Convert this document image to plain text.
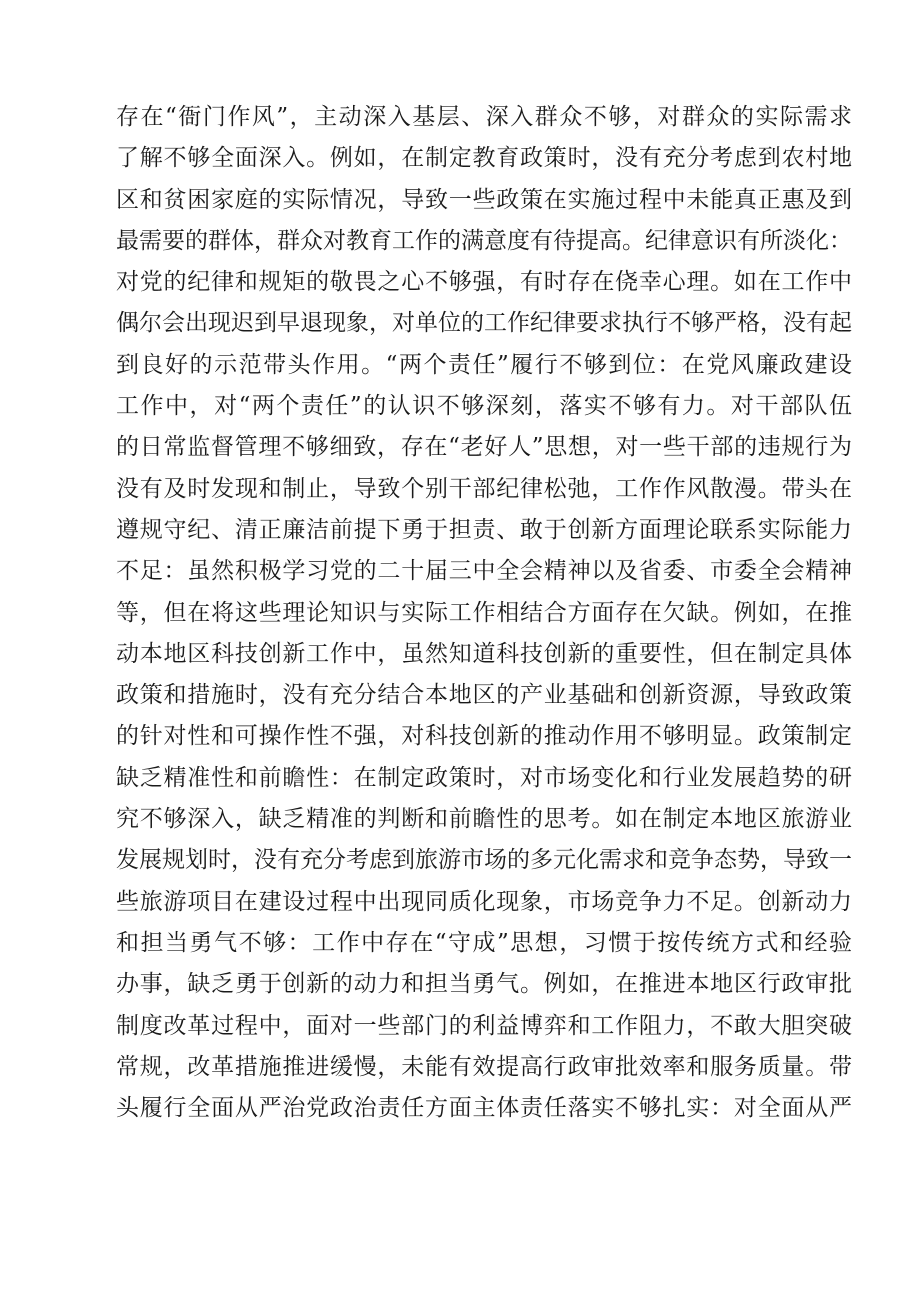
存在“衙门作风”，主动深入基层、深入群众不够，对群众的实际需求
了解不够全面深入。例如，在制定教育政策时，没有充分考虑到农村地
区和贫困家庭的实际情况，导致一些政策在实施过程中未能真正惠及到
最需要的群体，群众对教育工作的满意度有待提高。纪律意识有所淡化：
对党的纪律和规矩的敬畏之心不够强，有时存在侥幸心理。如在工作中
偶尔会出现迟到早退现象，对单位的工作纪律要求执行不够严格，没有起
到良好的示范带头作用。“两个责任”履行不够到位：在党风廉政建设
工作中，对“两个责任”的认识不够深刻，落实不够有力。对干部队伍
的日常监督管理不够细致，存在“老好人”思想，对一些干部的违规行为
没有及时发现和制止，导致个别干部纪律松弛，工作作风散漫。带头在
遵规守纪、清正廉洁前提下勇于担责、敢于创新方面理论联系实际能力
不足：虽然积极学习党的二十届三中全会精神以及省委、市委全会精神
等，但在将这些理论知识与实际工作相结合方面存在欠缺。例如，在推
动本地区科技创新工作中，虽然知道科技创新的重要性，但在制定具体
政策和措施时，没有充分结合本地区的产业基础和创新资源，导致政策
的针对性和可操作性不强，对科技创新的推动作用不够明显。政策制定
缺乏精准性和前瞻性：在制定政策时，对市场变化和行业发展趋势的研
究不够深入，缺乏精准的判断和前瞻性的思考。如在制定本地区旅游业
发展规划时，没有充分考虑到旅游市场的多元化需求和竞争态势，导致一
些旅游项目在建设过程中出现同质化现象，市场竞争力不足。创新动力
和担当勇气不够：工作中存在“守成”思想，习惯于按传统方式和经验
办事，缺乏勇于创新的动力和担当勇气。例如，在推进本地区行政审批
制度改革过程中，面对一些部门的利益博弈和工作阻力，不敢大胆突破
常规，改革措施推进缓慢，未能有效提高行政审批效率和服务质量。带
头履行全面从严治党政治责任方面主体责任落实不够扎实：对全面从严
